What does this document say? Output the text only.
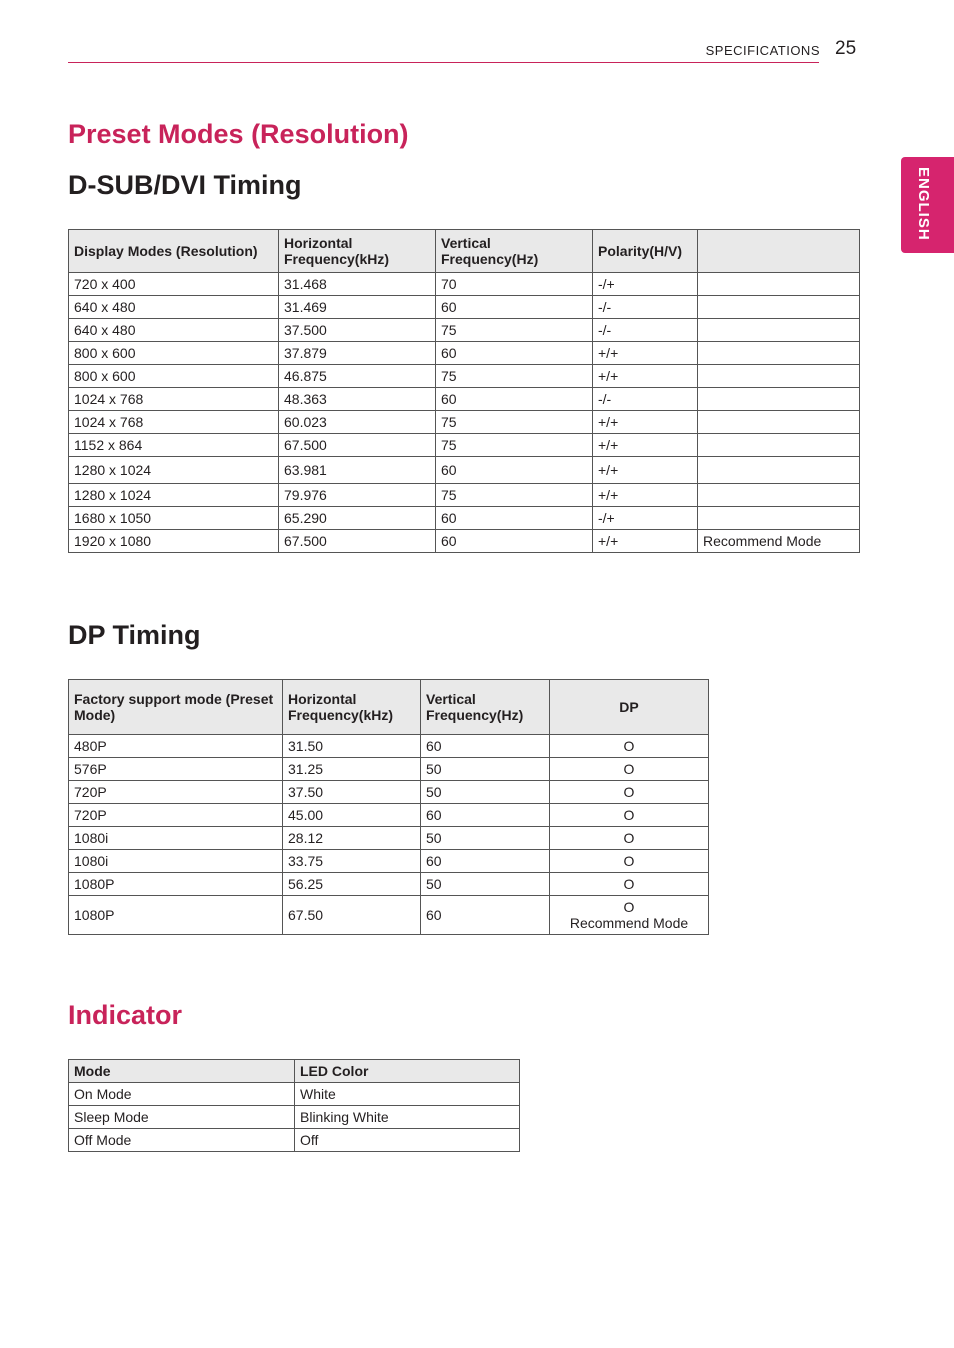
SPECIFICATIONS 25
ENGLISH
Preset Modes (Resolution)
D-SUB/DVI Timing
Display Modes (Resolution)	Horizontal Frequency(kHz)	Vertical Frequency(Hz)	Polarity(H/V)	
720 x 400	31.468	70	-/+	
640 x 480	31.469	60	-/-	
640 x 480	37.500	75	-/-	
800 x 600	37.879	60	+/+	
800 x 600	46.875	75	+/+	
1024 x 768	48.363	60	-/-	
1024 x 768	60.023	75	+/+	
1152 x 864	67.500	75	+/+	
1280 x 1024	63.981	60	+/+	
1280 x 1024	79.976	75	+/+	
1680 x 1050	65.290	60	-/+	
1920 x 1080	67.500	60	+/+	Recommend Mode
DP Timing
Factory support mode (Preset Mode)	Horizontal Frequency(kHz)	Vertical Frequency(Hz)	DP
480P	31.50	60	O
576P	31.25	50	O
720P	37.50	50	O
720P	45.00	60	O
1080i	28.12	50	O
1080i	33.75	60	O
1080P	56.25	50	O
1080P	67.50	60	O
Recommend Mode
Indicator
Mode	LED Color
On Mode	White
Sleep Mode	Blinking White
Off Mode	Off
